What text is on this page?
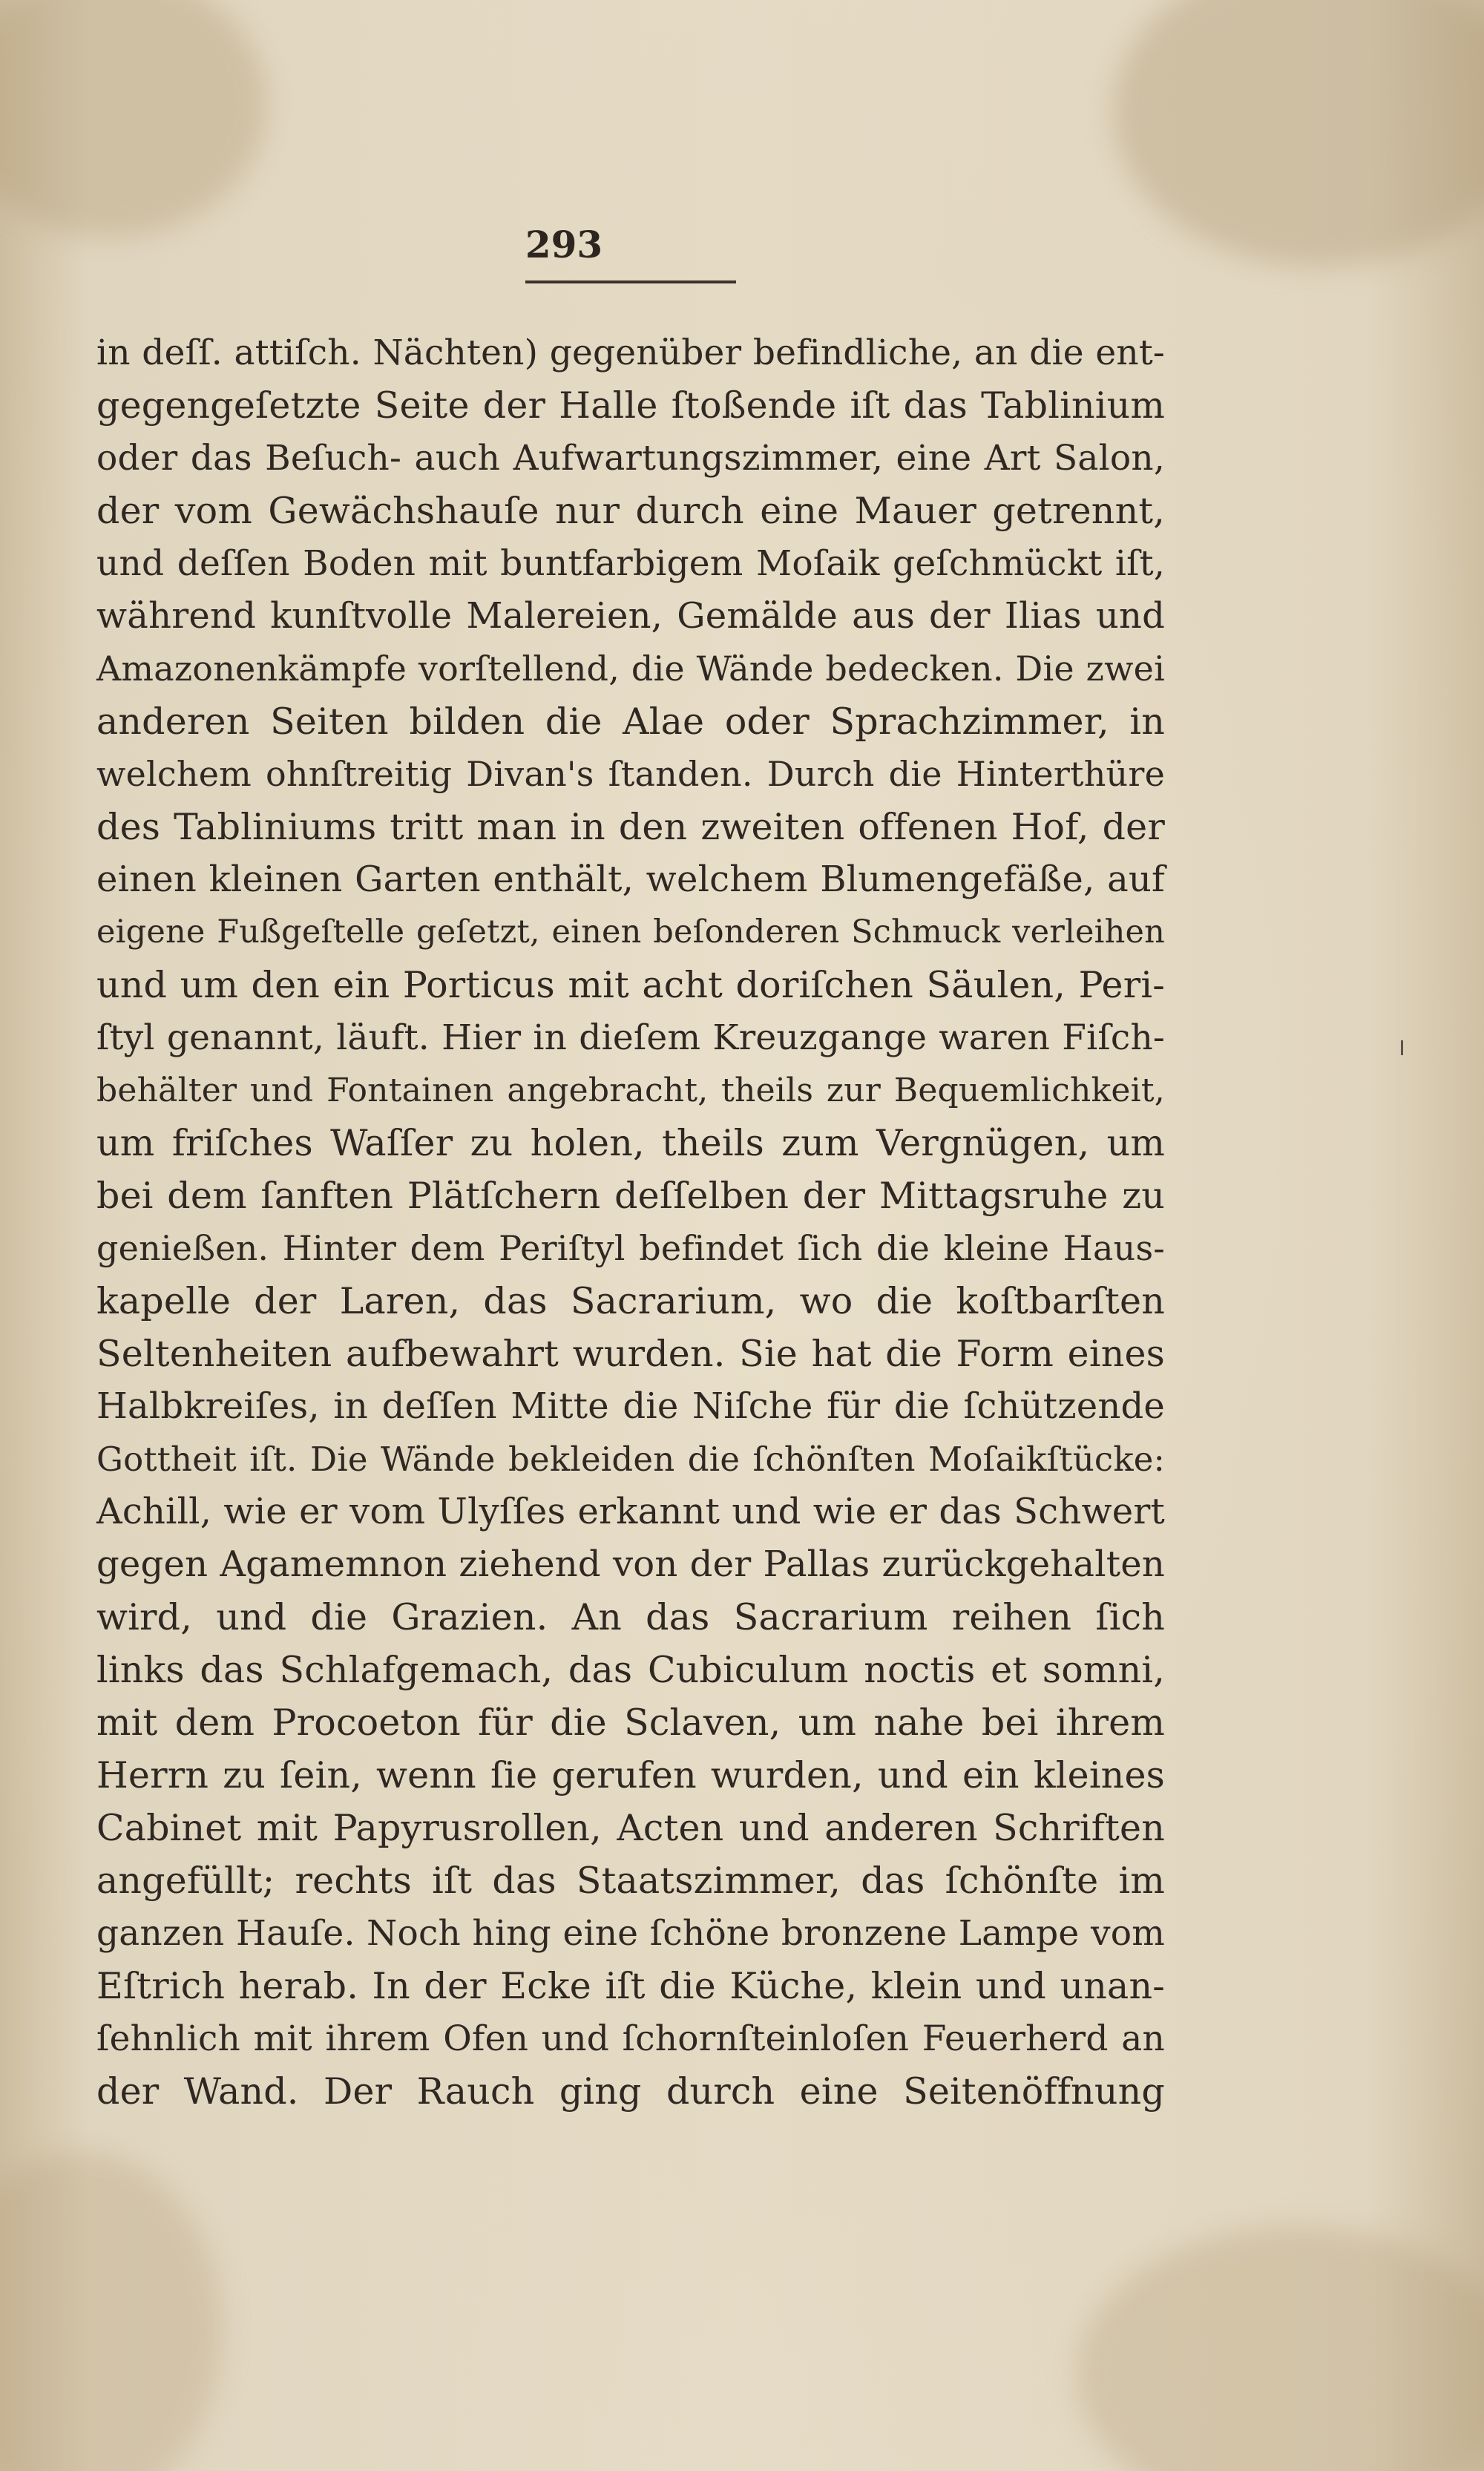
293
in deſſ. attiſch. Nächten) gegenüber befindliche, an die ent-
gegengeſetzte Seite der Halle ſtoßende iſt das Tablinium
oder das Beſuch- auch Aufwartungszimmer, eine Art Salon,
der vom Gewächshauſe nur durch eine Mauer getrennt,
und deſſen Boden mit buntfarbigem Moſaik geſchmückt iſt,
während kunſtvolle Malereien, Gemälde aus der Ilias und
Amazonenkämpfe vorſtellend, die Wände bedecken. Die zwei
anderen Seiten bilden die Alae oder Sprachzimmer, in
welchem ohnſtreitig Divan's ſtanden. Durch die Hinterthüre
des Tabliniums tritt man in den zweiten offenen Hof, der
einen kleinen Garten enthält, welchem Blumengefäße, auf
eigene Fußgeſtelle geſetzt, einen beſonderen Schmuck verleihen
und um den ein Porticus mit acht doriſchen Säulen, Peri-
ſtyl genannt, läuft. Hier in dieſem Kreuzgange waren Fiſch-
behälter und Fontainen angebracht, theils zur Bequemlichkeit,
um friſches Waſſer zu holen, theils zum Vergnügen, um
bei dem ſanften Plätſchern deſſelben der Mittagsruhe zu
genießen. Hinter dem Periſtyl befindet ſich die kleine Haus-
kapelle der Laren, das Sacrarium, wo die koſtbarſten
Seltenheiten aufbewahrt wurden. Sie hat die Form eines
Halbkreiſes, in deſſen Mitte die Niſche für die ſchützende
Gottheit iſt. Die Wände bekleiden die ſchönſten Moſaikſtücke:
Achill, wie er vom Ulyſſes erkannt und wie er das Schwert
gegen Agamemnon ziehend von der Pallas zurückgehalten
wird, und die Grazien. An das Sacrarium reihen ſich
links das Schlafgemach, das Cubiculum noctis et somni,
mit dem Procoeton für die Sclaven, um nahe bei ihrem
Herrn zu ſein, wenn ſie gerufen wurden, und ein kleines
Cabinet mit Papyrusrollen, Acten und anderen Schriften
angefüllt; rechts iſt das Staatszimmer, das ſchönſte im
ganzen Hauſe. Noch hing eine ſchöne bronzene Lampe vom
Eſtrich herab. In der Ecke iſt die Küche, klein und unan-
ſehnlich mit ihrem Ofen und ſchornſteinloſen Feuerherd an
der Wand. Der Rauch ging durch eine Seitenöffnung
